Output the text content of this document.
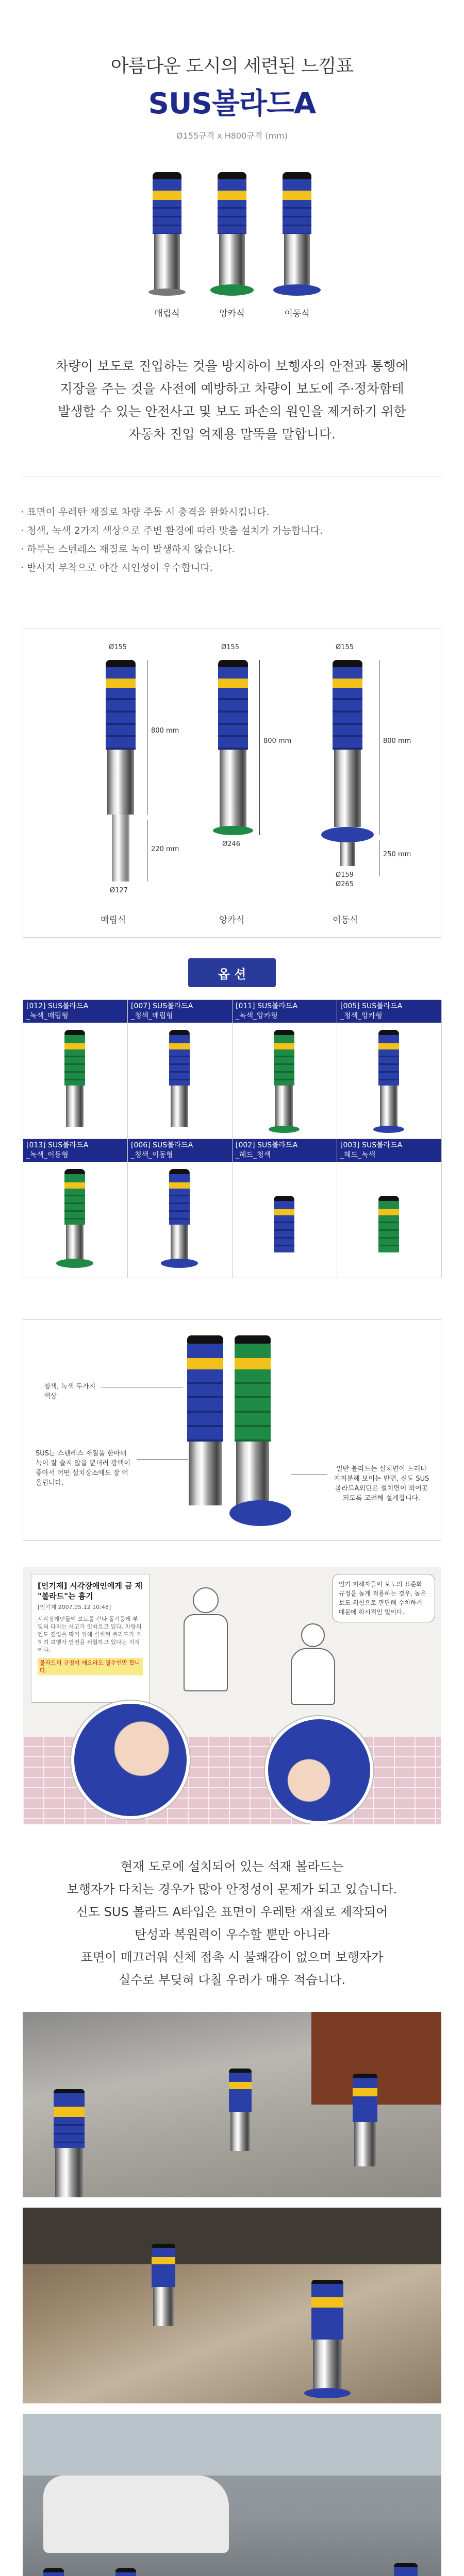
아름다운 도시의 세련된 느낌표
SUS볼라드A
Ø155규격 x H800규격 (mm)
매립식	앙카식	이동식
차량이 보도로 진입하는 것을 방지하여 보행자의 안전과 통행에
지장을 주는 것을 사전에 예방하고 차량이 보도에 주·정차함테
발생할 수 있는 안전사고 및 보도 파손의 원인을 제거하기 위한
자동차 진입 억제용 말뚝을 말합니다.
· 표면이 우레탄 재질로 차량 주돌 시 충격을 완화시킵니다.
· 청색, 녹색 2가지 색상으로 주변 환경에 따라 맞춤 설치가 가능합니다.
· 하부는 스텐레스 재질로 녹이 발생하지 않습니다.
· 반사지 부착으로 야간 시인성이 우수합니다.
Ø155
800 mm
220 mm
Ø127
Ø155
800 mm
Ø246
Ø155
800 mm
250 mm
Ø159
Ø265
매립식	앙카식	이동식
옵 션
[012] SUS볼라드A
_녹색_매립형
[007] SUS볼라드A
_청색_매립형
[011] SUS볼라드A
_녹색_앙카형
[005] SUS볼라드A
_청색_앙카형
[013] SUS볼라드A
_녹색_이동형
[006] SUS볼라드A
_청색_이동형
[002] SUS볼라드A
_헤드_청색
[003] SUS볼라드A
_헤드_녹색
청색, 녹색 두가지 색상
SUS는 스텐레스 재질을 한마떠 녹이 잘 슬지 않을 뿐더러 광택이 좋아서 어떤 설치장소에도 잘 어울립니다.
일반 볼라드는 설치면이 드러나 지저분해 보이는 반면, 신도 SUS볼라드A외딘은 설치면이 외어곳되도록 고려해 설계합니다.
[인기제] 시각장애인에게 금 제 "볼라드"는 흉기
[인기제 2007.05.12 10:48]
시각장애인들이 보도를 걷다 돌기둥에 부딪혀 다치는 사고가 잇따르고 있다. 차량의 인도 진입을 막기 위해 설치된 볼라드가 오히려 보행자 안전을 위협하고 있다는 지적이다.
볼라드의 규정이 에요라도 필수인만 합니다.
인기 피해자들이 보도의 표준화 규정을 높게 적용하는 경우, 높은 보도 위험으로 판단해 수치하기 때문에 하시적인 일이다.
현재 도로에 설치되어 있는 석재 볼라드는
보행자가 다치는 경우가 많아 안정성이 문제가 되고 있습니다.
신도 SUS 볼라드 A타입은 표면이 우레탄 재질로 제작되어
탄성과 복원력이 우수할 뿐만 아니라
표면이 매끄러워 신체 접촉 시 불쾌감이 없으며 보행자가
실수로 부딪혀 다칠 우려가 매우 적습니다.
